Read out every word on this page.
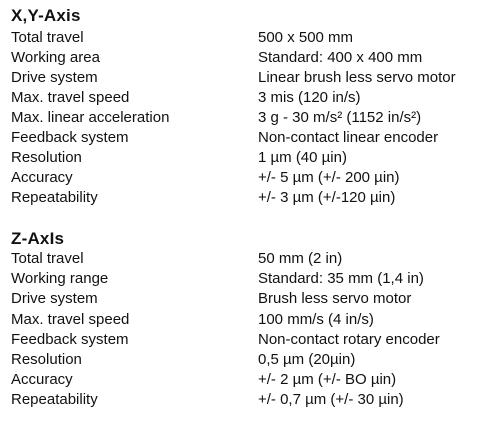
X,Y-Axis
Total travel	500 x 500 mm
Working area	Standard: 400 x 400 mm
Drive system	Linear brush less servo motor
Max. travel speed	3 mis (120 in/s)
Max. linear acceleration	3 g - 30 m/s² (1152 in/s²)
Feedback system	Non-contact linear encoder
Resolution	1 µm (40 µin)
Accuracy	+/- 5 µm (+/- 200 µin)
Repeatability	+/- 3 µm (+/-120 µin)
Z-AxIs
Total travel	50 mm (2 in)
Working range	Standard: 35 mm (1,4 in)
Drive system	Brush less servo motor
Max. travel speed	100 mm/s (4 in/s)
Feedback system	Non-contact rotary encoder
Resolution	0,5 µm (20µin)
Accuracy	+/- 2 µm (+/- BO µin)
Repeatability	+/- 0,7 µm (+/- 30 µin)
